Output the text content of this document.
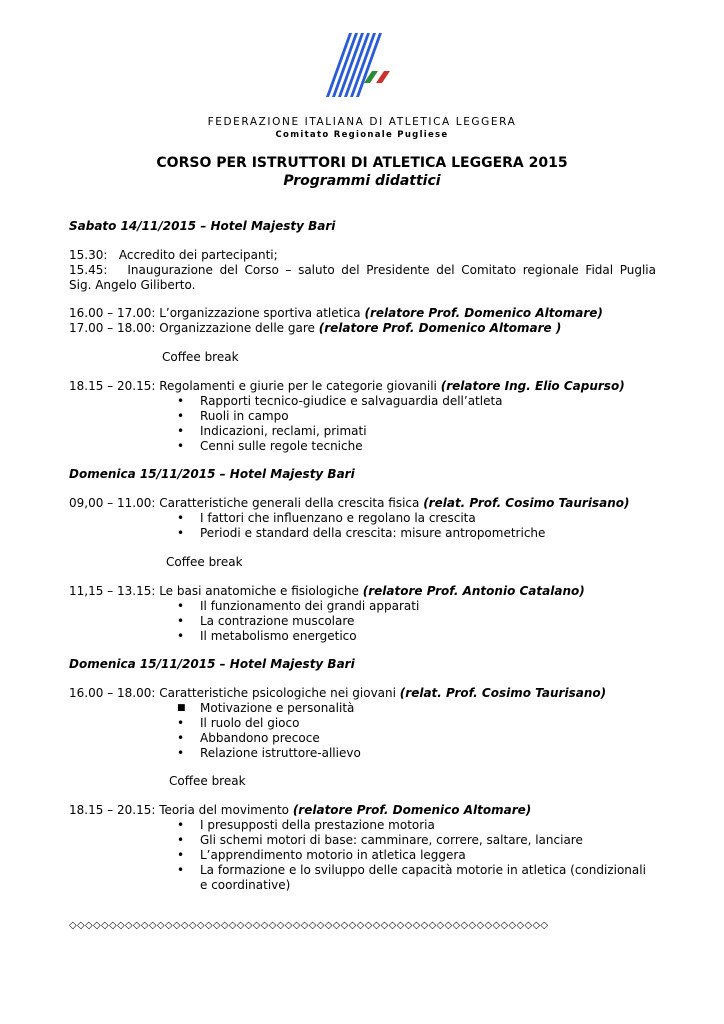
FEDERAZIONE ITALIANA DI ATLETICA LEGGERA
Comitato Regionale Pugliese
CORSO PER ISTRUTTORI DI ATLETICA LEGGERA 2015
Programmi didattici
Sabato 14/11/2015 – Hotel Majesty Bari
15.30: Accredito dei partecipanti;
15.45: Inaugurazione del Corso – saluto del Presidente del Comitato regionale Fidal Puglia
Sig. Angelo Giliberto.
16.00 – 17.00: L’organizzazione sportiva atletica (relatore Prof. Domenico Altomare)
17.00 – 18.00: Organizzazione delle gare (relatore Prof. Domenico Altomare )
Coffee break
18.15 – 20.15: Regolamenti e giurie per le categorie giovanili (relatore Ing. Elio Capurso)
• Rapporti tecnico-giudice e salvaguardia dell’atleta
• Ruoli in campo
• Indicazioni, reclami, primati
• Cenni sulle regole tecniche
Domenica 15/11/2015 – Hotel Majesty Bari
09,00 – 11.00: Caratteristiche generali della crescita fisica (relat. Prof. Cosimo Taurisano)
• I fattori che influenzano e regolano la crescita
• Periodi e standard della crescita: misure antropometriche
Coffee break
11,15 – 13.15: Le basi anatomiche e fisiologiche (relatore Prof. Antonio Catalano)
• Il funzionamento dei grandi apparati
• La contrazione muscolare
• Il metabolismo energetico
Domenica 15/11/2015 – Hotel Majesty Bari
16.00 – 18.00: Caratteristiche psicologiche nei giovani (relat. Prof. Cosimo Taurisano)
■ Motivazione e personalità
• Il ruolo del gioco
• Abbandono precoce
• Relazione istruttore-allievo
Coffee break
18.15 – 20.15: Teoria del movimento (relatore Prof. Domenico Altomare)
• I presupposti della prestazione motoria
• Gli schemi motori di base: camminare, correre, saltare, lanciare
• L’apprendimento motorio in atletica leggera
• La formazione e lo sviluppo delle capacità motorie in atletica (condizionali
e coordinative)
◇◇◇◇◇◇◇◇◇◇◇◇◇◇◇◇◇◇◇◇◇◇◇◇◇◇◇◇◇◇◇◇◇◇◇◇◇◇◇◇◇◇◇◇◇◇◇◇◇◇◇◇◇◇◇◇◇◇◇◇
